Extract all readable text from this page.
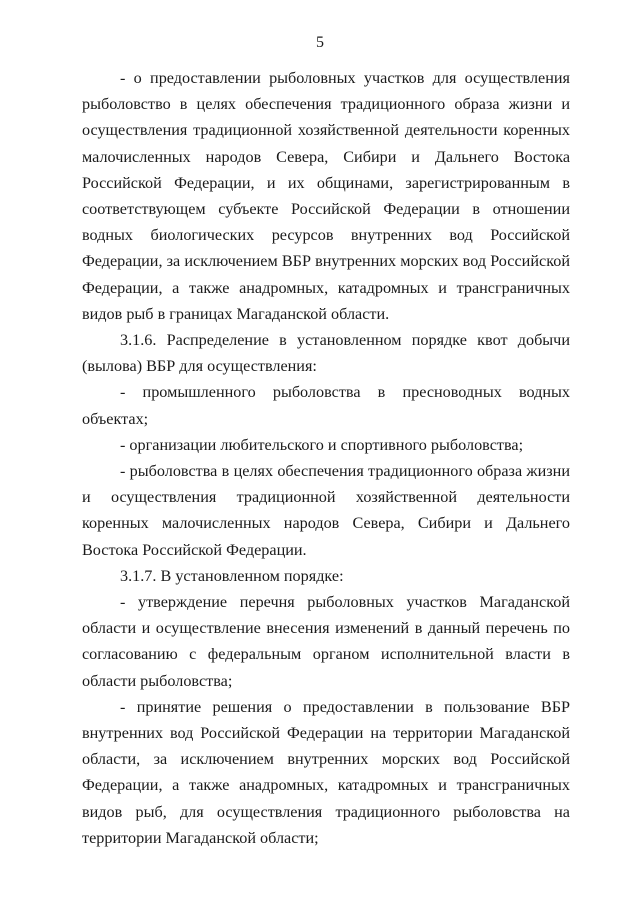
5

- о предоставлении рыболовных участков для осуществления рыболовство в целях обеспечения традиционного образа жизни и осуществления традиционной хозяйственной деятельности коренных малочисленных народов Севера, Сибири и Дальнего Востока Российской Федерации, и их общинами, зарегистрированным в соответствующем субъекте Российской Федерации в отношении водных биологических ресурсов внутренних вод Российской Федерации, за исключением ВБР внутренних морских вод Российской Федерации, а также анадромных, катадромных и трансграничных видов рыб в границах Магаданской области.

3.1.6. Распределение в установленном порядке квот добычи (вылова) ВБР для осуществления:

- промышленного рыболовства в пресноводных водных объектах;

- организации любительского и спортивного рыболовства;

- рыболовства в целях обеспечения традиционного образа жизни и осуществления традиционной хозяйственной деятельности коренных малочисленных народов Севера, Сибири и Дальнего Востока Российской Федерации.

3.1.7. В установленном порядке:

- утверждение перечня рыболовных участков Магаданской области и осуществление внесения изменений в данный перечень по согласованию с федеральным органом исполнительной власти в области рыболовства;

- принятие решения о предоставлении в пользование ВБР внутренних вод Российской Федерации на территории Магаданской области, за исключением внутренних морских вод Российской Федерации, а также анадромных, катадромных и трансграничных видов рыб, для осуществления традиционного рыболовства на территории Магаданской области;
